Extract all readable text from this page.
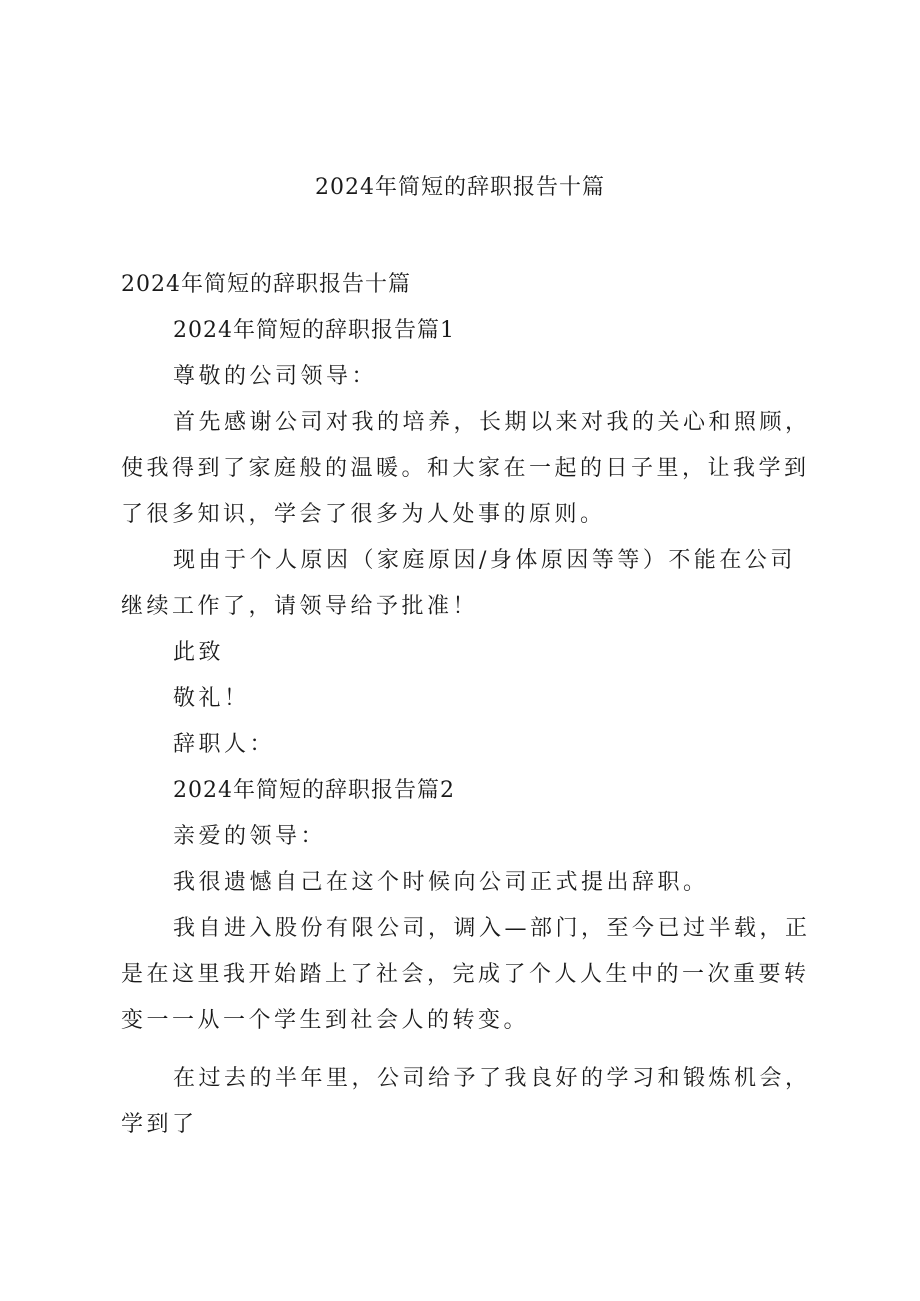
2024年简短的辞职报告十篇

2024年简短的辞职报告十篇

2024年简短的辞职报告篇1

尊敬的公司领导：

首先感谢公司对我的培养，长期以来对我的关心和照顾，使我得到了家庭般的温暖。和大家在一起的日子里，让我学到了很多知识，学会了很多为人处事的原则。

现由于个人原因（家庭原因/身体原因等等）不能在公司继续工作了，请领导给予批准！

此致

敬礼！

辞职人：

2024年简短的辞职报告篇2

亲爱的领导：

我很遗憾自己在这个时候向公司正式提出辞职。

我自进入股份有限公司，调入—部门，至今已过半载，正是在这里我开始踏上了社会，完成了个人人生中的一次重要转变一一从一个学生到社会人的转变。

在过去的半年里，公司给予了我良好的学习和锻炼机会，学到了
